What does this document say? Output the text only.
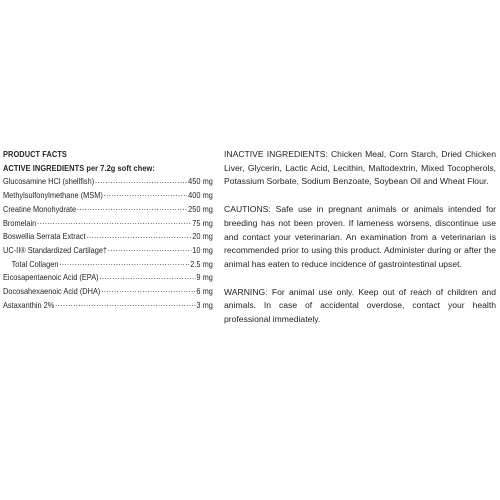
PRODUCT FACTS
ACTIVE INGREDIENTS per 7.2g soft chew:
Glucosamine HCl (shellfish) .....	450 mg
Methylsulfonylmethane (MSM) .....	400 mg
Creatine Monohydrate .....	250 mg
Bromelain .....	75 mg
Boswellia Serrata Extract .....	20 mg
UC-II® Standardized Cartilage† .....	10 mg
Total Collagen .....	2.5 mg
Eicosapentaenoic Acid (EPA) .....	9 mg
Docosahexaenoic Acid (DHA) .....	6 mg
Astaxanthin 2% .....	3 mg

INACTIVE INGREDIENTS: Chicken Meal, Corn Starch, Dried Chicken Liver, Glycerin, Lactic Acid, Lecithin, Maltodextrin, Mixed Tocopherols, Potassium Sorbate, Sodium Benzoate, Soybean Oil and Wheat Flour.

CAUTIONS: Safe use in pregnant animals or animals intended for breeding has not been proven. If lameness worsens, discontinue use and contact your veterinarian. An examination from a veterinarian is recommended prior to using this product. Administer during or after the animal has eaten to reduce incidence of gastrointestinal upset.

WARNING: For animal use only. Keep out of reach of children and animals. In case of accidental overdose, contact your health professional immediately.
